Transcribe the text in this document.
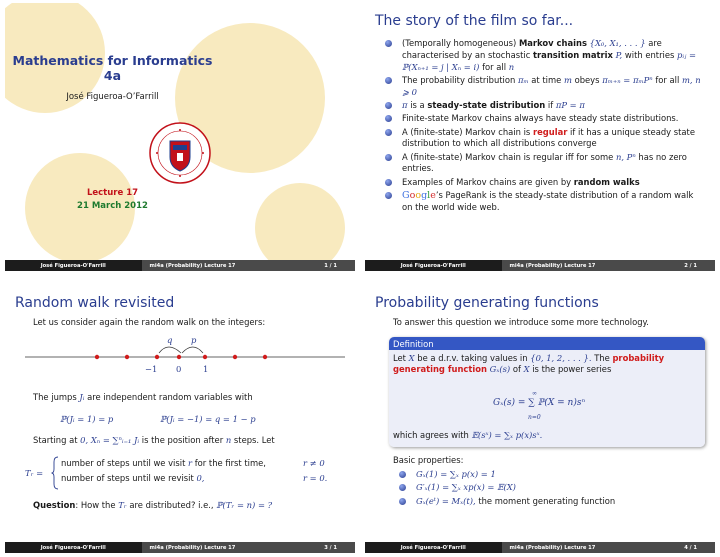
Mathematics for Informatics 4a
José Figueroa-O’Farrill
Lecture 17
21 March 2012
José Figueroa-O'Farrill	mi4a (Probability) Lecture 17	1 / 1
The story of the film so far...
(Temporally homogeneous) Markov chains {X₀, X₁, . . . } are characterised by an stochastic transition matrix P, with entries pᵢⱼ = ℙ(Xₙ₊₁ = j | Xₙ = i) for all n
The probability distribution πₘ at time m obeys πₘ₊ₙ = πₘPⁿ for all m, n ⩾ 0
π is a steady-state distribution if πP = π
Finite-state Markov chains always have steady state distributions.
A (finite-state) Markov chain is regular if it has a unique steady state distribution to which all distributions converge
A (finite-state) Markov chain is regular iff for some n, Pⁿ has no zero entries.
Examples of Markov chains are given by random walks
Google’s PageRank is the steady-state distribution of a random walk on the world wide web.
José Figueroa-O'Farrill	mi4a (Probability) Lecture 17	2 / 1
Random walk revisited
Let us consider again the random walk on the integers:
q p
−1 0	1
The jumps Jᵢ are independent random variables with
ℙ(Jᵢ = 1) = p	ℙ(Jᵢ = −1) = q = 1 − p
Starting at 0, Xₙ = ∑ⁿᵢ₌₁ Jᵢ is the position after n steps. Let
Tᵣ =
number of steps until we visit r for the first time,	r ≠ 0
number of steps until we revisit 0,	r = 0.
Question: How the Tᵣ are distributed? i.e., ℙ(Tᵣ = n) = ?
José Figueroa-O'Farrill	mi4a (Probability) Lecture 17	3 / 1
Probability generating functions
To answer this question we introduce some more technology.
Definition
Let X be a d.r.v. taking values in {0, 1, 2, . . . }. The probability generating function Gₓ(s) of X is the power series
Gₓ(s) = ∑ ℙ(X = n)sⁿ
∞
n=0
which agrees with 𝔼(sˣ) = ∑ₓ p(x)sˣ.
Basic properties:
Gₓ(1) = ∑ₓ p(x) = 1
G′ₓ(1) = ∑ₓ xp(x) = 𝔼(X)
Gₓ(eᵗ) = Mₓ(t), the moment generating function
José Figueroa-O'Farrill	mi4a (Probability) Lecture 17	4 / 1
